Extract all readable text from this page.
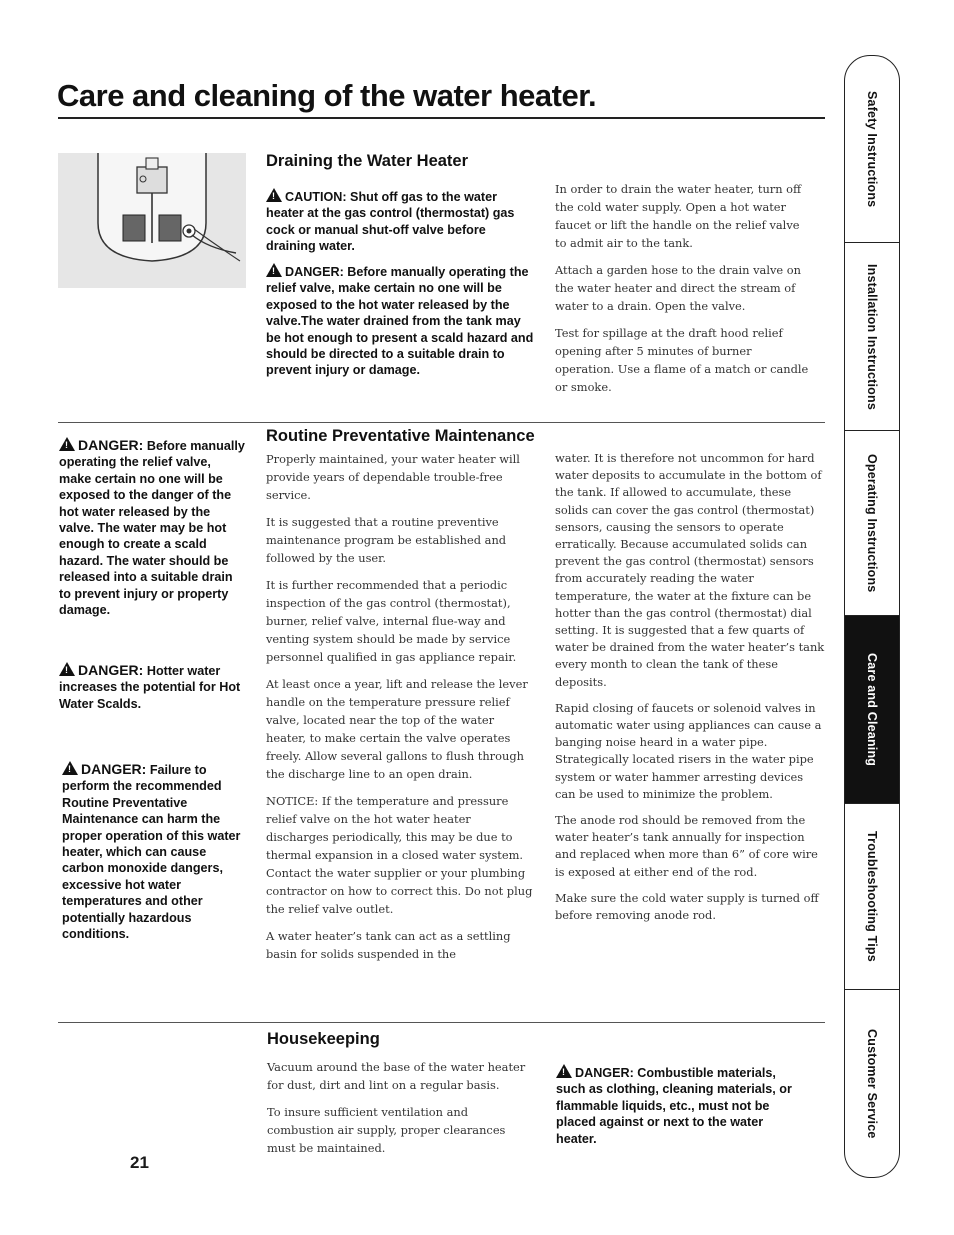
Care and cleaning of the water heater.	Safety Instructions
Installation Instructions
Operating Instructions
Care and Cleaning
Troubleshooting Tips
Customer Service
Draining the Water Heater
! CAUTION: Shut off gas to the water heater at the gas control (thermostat) gas cock or manual shut-off valve before draining water.
! DANGER: Before manually operating the relief valve, make certain no one will be exposed to the hot water released by the valve.The water drained from the tank may be hot enough to present a scald hazard and should be directed to a suitable drain to prevent injury or damage.

In order to drain the water heater, turn off the cold water supply. Open a hot water faucet or lift the handle on the relief valve to admit air to the tank.

Attach a garden hose to the drain valve on the water heater and direct the stream of water to a drain. Open the valve.

Test for spillage at the draft hood relief opening after 5 minutes of burner operation. Use a flame of a match or candle or smoke.

! DANGER: Before manually operating the relief valve, make certain no one will be exposed to the danger of the hot water released by the valve. The water may be hot enough to create a scald hazard. The water should be released into a suitable drain to prevent injury or property damage.
! DANGER: Hotter water increases the potential for Hot Water Scalds.
! DANGER: Failure to perform the recommended Routine Preventative Maintenance can harm the proper operation of this water heater, which can cause carbon monoxide dangers, excessive hot water temperatures and other potentially hazardous conditions.
Routine Preventative Maintenance

Properly maintained, your water heater will provide years of dependable trouble-free service.

It is suggested that a routine preventive maintenance program be established and followed by the user.

It is further recommended that a periodic inspection of the gas control (thermostat), burner, relief valve, internal flue-way and venting system should be made by service personnel qualified in gas appliance repair.

At least once a year, lift and release the lever handle on the temperature pressure relief valve, located near the top of the water heater, to make certain the valve operates freely. Allow several gallons to flush through the discharge line to an open drain.

NOTICE: If the temperature and pressure relief valve on the hot water heater discharges periodically, this may be due to thermal expansion in a closed water system. Contact the water supplier or your plumbing contractor on how to correct this. Do not plug the relief valve outlet.

A water heater’s tank can act as a settling basin for solids suspended in the

water. It is therefore not uncommon for hard water deposits to accumulate in the bottom of the tank. If allowed to accumulate, these solids can cover the gas control (thermostat) sensors, causing the sensors to operate erratically. Because accumulated solids can prevent the gas control (thermostat) sensors from accurately reading the water temperature, the water at the fixture can be hotter than the gas control (thermostat) dial setting. It is suggested that a few quarts of water be drained from the water heater’s tank every month to clean the tank of these deposits.

Rapid closing of faucets or solenoid valves in automatic water using appliances can cause a banging noise heard in a water pipe. Strategically located risers in the water pipe system or water hammer arresting devices can be used to minimize the problem.

The anode rod should be removed from the water heater’s tank annually for inspection and replaced when more than 6” of core wire is exposed at either end of the rod.

Make sure the cold water supply is turned off before removing anode rod.

Housekeeping

Vacuum around the base of the water heater for dust, dirt and lint on a regular basis.

To insure sufficient ventilation and combustion air supply, proper clearances must be maintained.

! DANGER: Combustible materials, such as clothing, cleaning materials, or flammable liquids, etc., must not be placed against or next to the water heater.
21
